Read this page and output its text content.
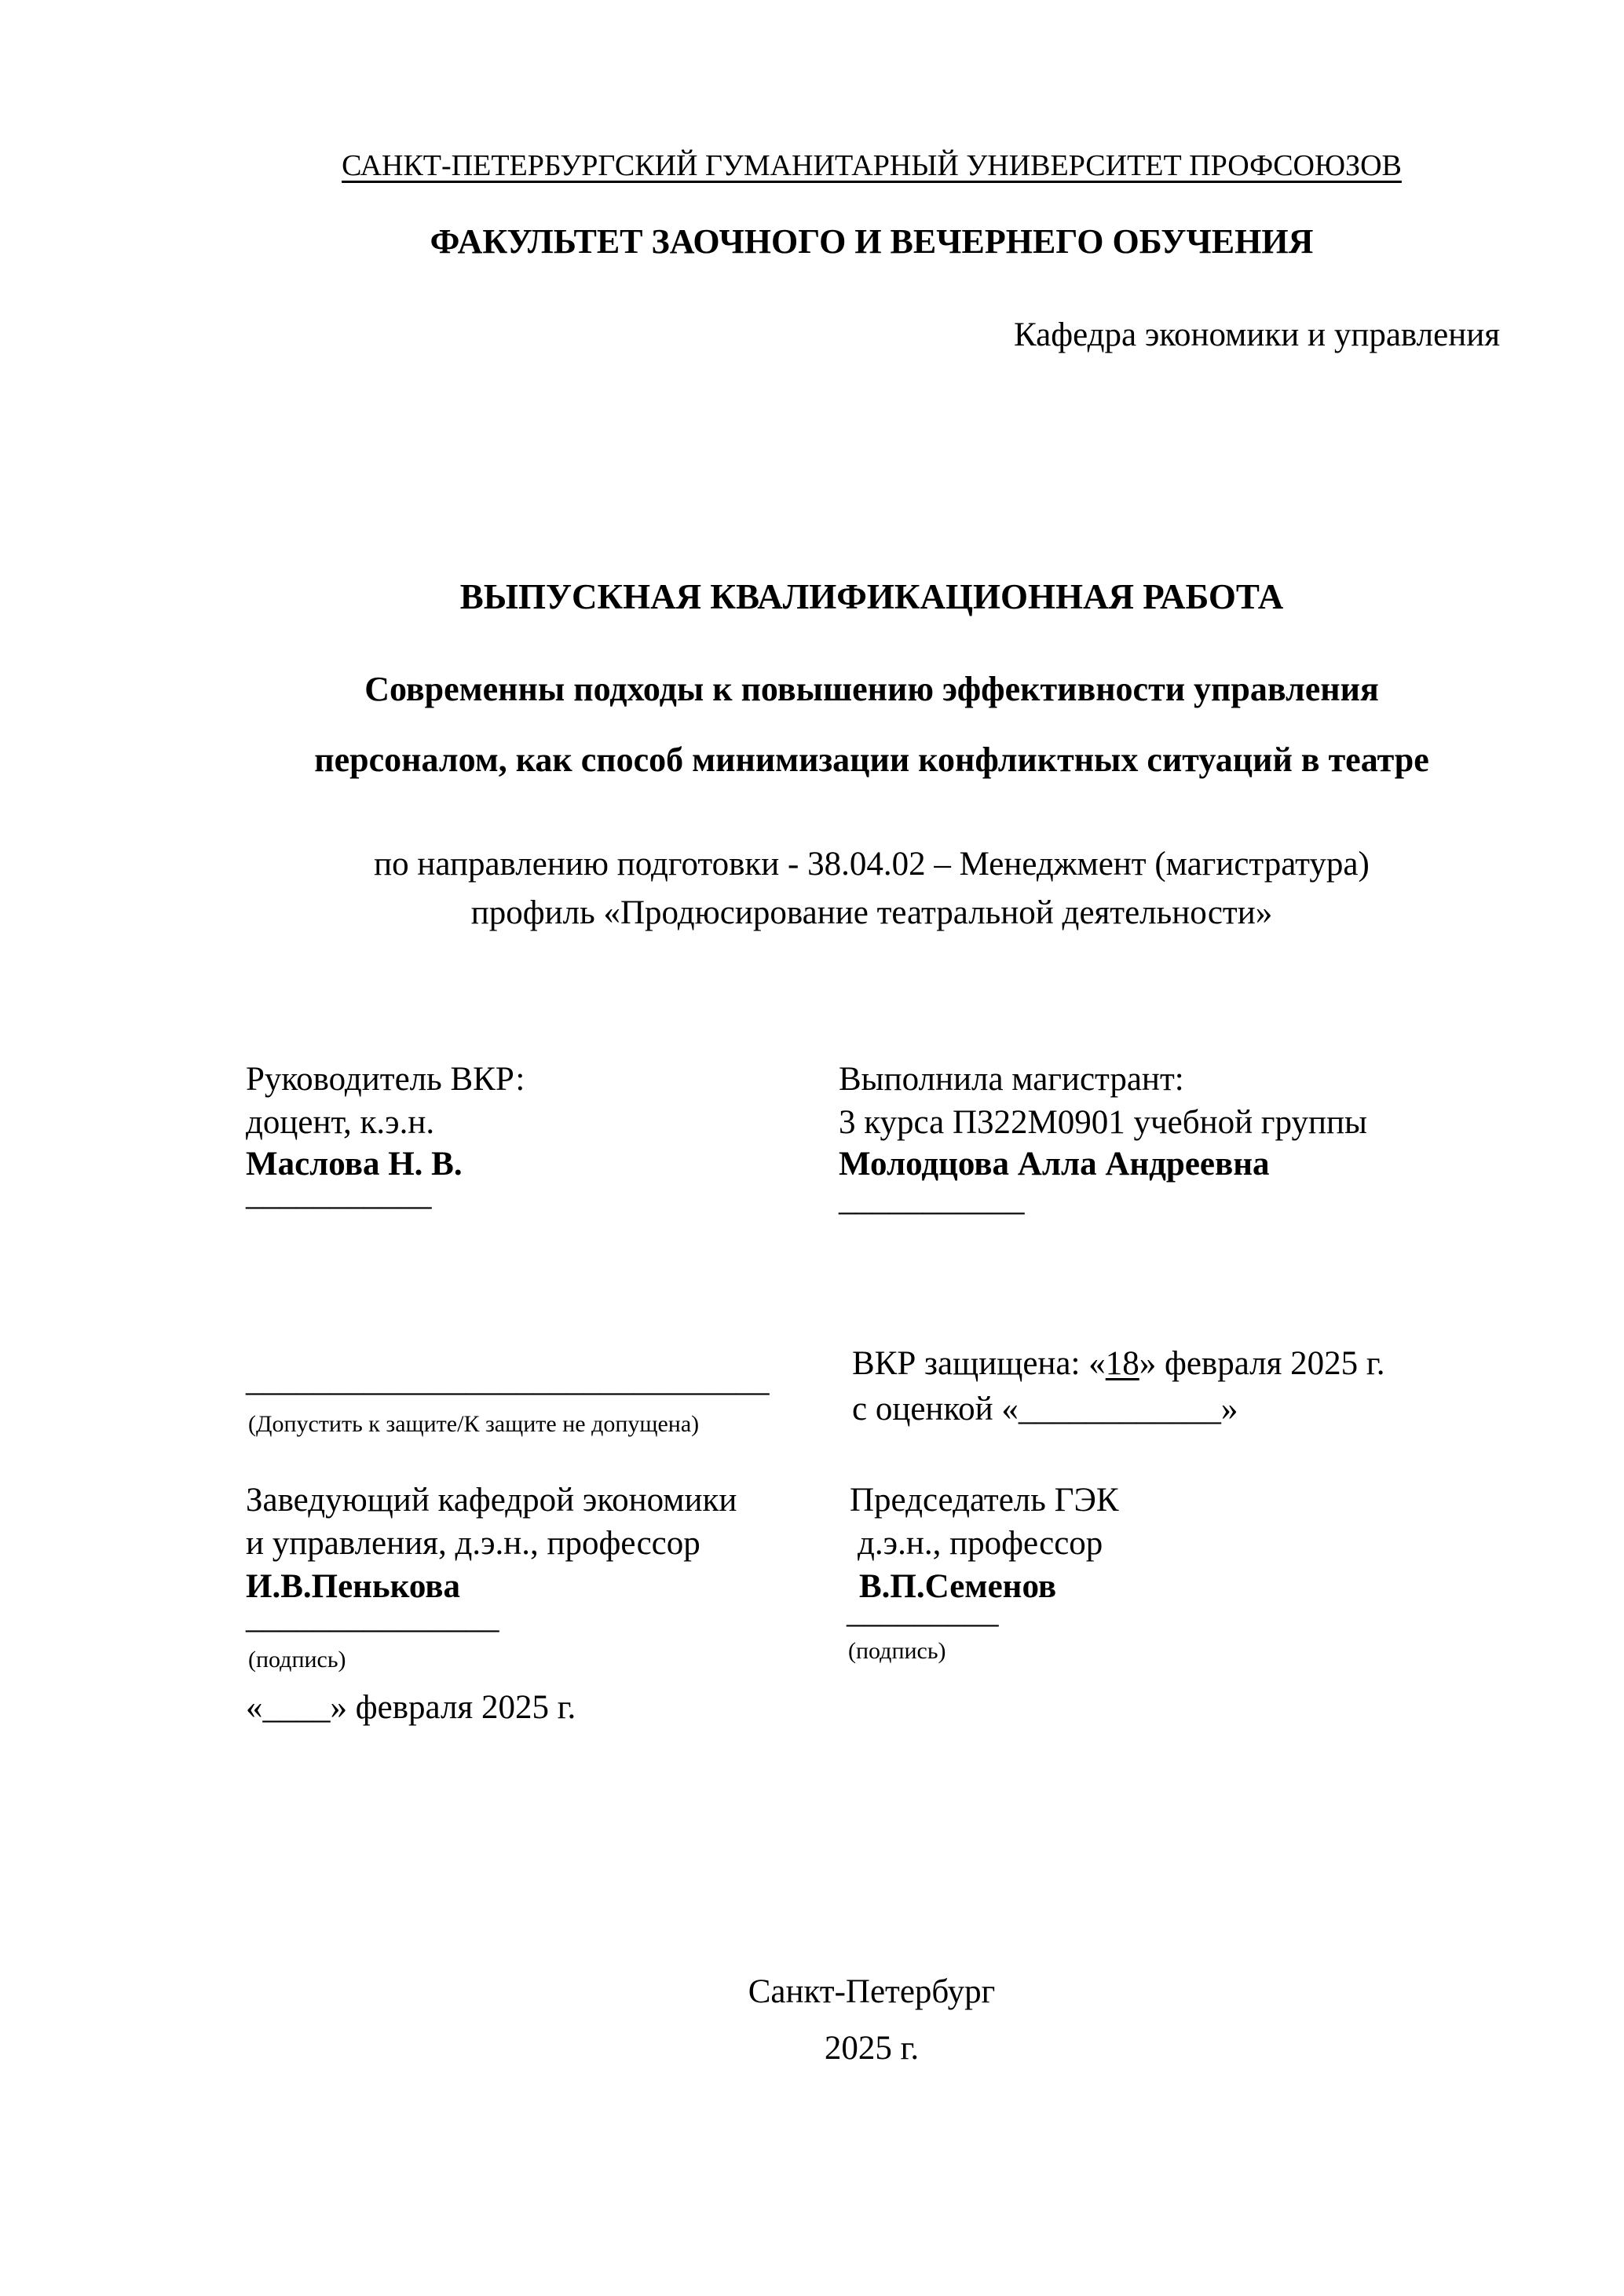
САНКТ-ПЕТЕРБУРГСКИЙ ГУМАНИТАРНЫЙ УНИВЕРСИТЕТ ПРОФСОЮЗОВ
ФАКУЛЬТЕТ ЗАОЧНОГО И ВЕЧЕРНЕГО ОБУЧЕНИЯ
Кафедра экономики и управления
ВЫПУСКНАЯ КВАЛИФИКАЦИОННАЯ РАБОТА
Современны подходы к повышению эффективности управления
персоналом, как способ минимизации конфликтных ситуаций в театре
по направлению подготовки - 38.04.02 – Менеджмент (магистратура)
профиль «Продюсирование театральной деятельности»
Руководитель ВКР:
доцент, к.э.н.
Маслова Н. В.
___________
Выполнила магистрант:
3 курса П322М0901 учебной группы
Молодцова Алла Андреевна
___________
ВКР защищена: «18» февраля 2025 г.
с оценкой «____________»
_______________________________
(Допустить к защите/К защите не допущена)
Заведующий кафедрой экономики
и управления, д.э.н., профессор
И.В.Пенькова
_______________
(подпись)
«____» февраля 2025 г.
Председатель ГЭК
д.э.н., профессор
В.П.Семенов
_________
(подпись)
Санкт-Петербург
2025 г.
